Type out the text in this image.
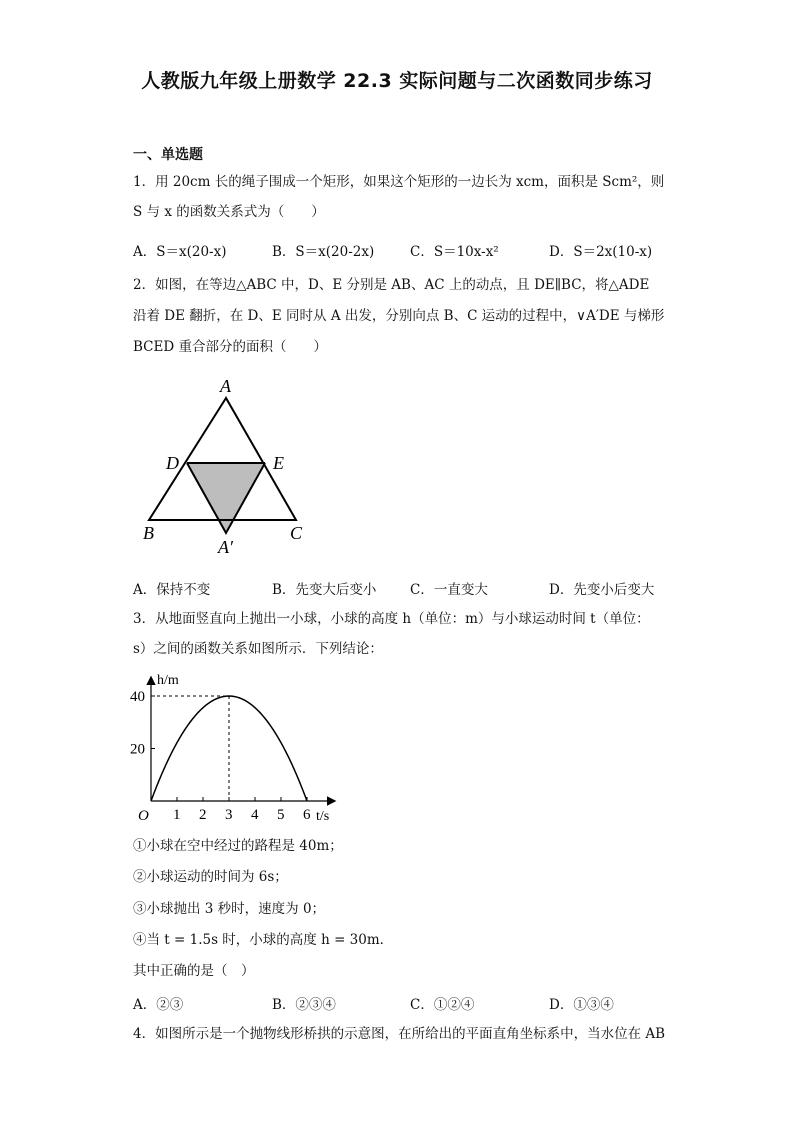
人教版九年级上册数学 22.3 实际问题与二次函数同步练习
一、单选题
1．用 20cm 长的绳子围成一个矩形，如果这个矩形的一边长为 xcm，面积是 Scm²，则
S 与 x 的函数关系式为（　　）
A．S＝x(20-x)	B．S＝x(20-2x)	C．S＝10x-x²	D．S＝2x(10-x)
2．如图，在等边△ABC 中，D、E 分别是 AB、AC 上的动点，且 DE∥BC，将△ADE
沿着 DE 翻折，在 D、E 同时从 A 出发，分别向点 B、C 运动的过程中，∨A′DE 与梯形
BCED 重合部分的面积（　　）
A
D	E
B	C
A′
A．保持不变	B．先变大后变小 C．一直变大	D．先变小后变大
3．从地面竖直向上抛出一小球，小球的高度 h（单位：m）与小球运动时间 t（单位：
s）之间的函数关系如图所示．下列结论：
1 2 3 4 5 6
20
40
O
h/m
t/s
①小球在空中经过的路程是 40m；
②小球运动的时间为 6s；
③小球抛出 3 秒时，速度为 0；
④当 t = 1.5s 时，小球的高度 h = 30m．
其中正确的是（　）
A．②③	B．②③④	C．①②④	D．①③④
4．如图所示是一个抛物线形桥拱的示意图，在所给出的平面直角坐标系中，当水位在 AB
